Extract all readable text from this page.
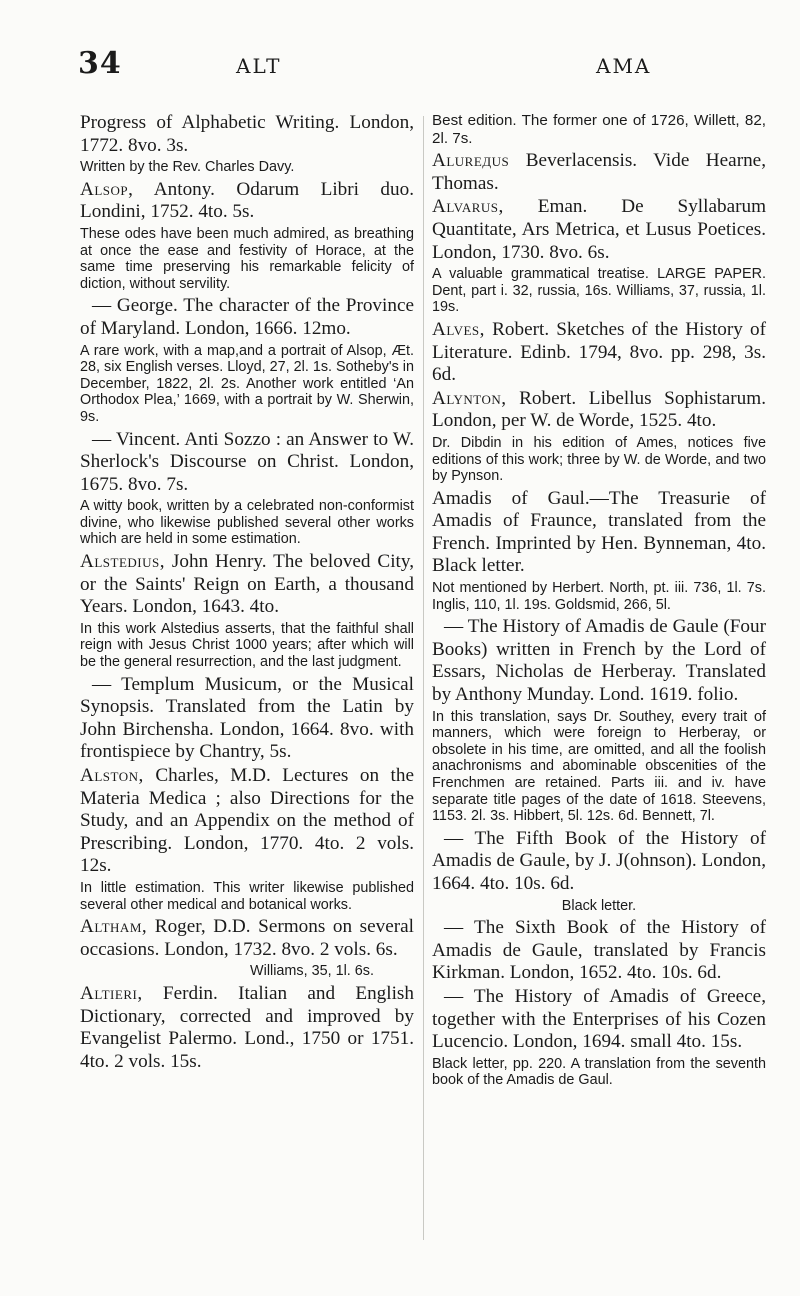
34	ALT	AMA

Progress of Alphabetic Writing. London, 1772. 8vo. 3s.

Written by the Rev. Charles Davy.

Alsop, Antony. Odarum Libri duo. Londini, 1752. 4to. 5s.

These odes have been much admired, as breathing at once the ease and festivity of Horace, at the same time preserving his remarkable felicity of diction, without servility.

— George. The character of the Province of Maryland. London, 1666. 12mo.

A rare work, with a map,and a portrait of Alsop, Æt. 28, six English verses. Lloyd, 27, 2l. 1s. Sotheby's in December, 1822, 2l. 2s. Another work entitled ‘An Orthodox Plea,’ 1669, with a portrait by W. Sherwin, 9s.

— Vincent. Anti Sozzo : an Answer to W. Sherlock's Discourse on Christ. London, 1675. 8vo. 7s.

A witty book, written by a celebrated non-conformist divine, who likewise published several other works which are held in some estimation.

Alstedius, John Henry. The beloved City, or the Saints' Reign on Earth, a thousand Years. London, 1643. 4to.

In this work Alstedius asserts, that the faithful shall reign with Jesus Christ 1000 years; after which will be the general resurrection, and the last judgment.

— Templum Musicum, or the Musical Synopsis. Translated from the Latin by John Birchensha. London, 1664. 8vo. with frontispiece by Chantry, 5s.

Alston, Charles, M.D. Lectures on the Materia Medica ; also Directions for the Study, and an Appendix on the method of Prescribing. London, 1770. 4to. 2 vols. 12s.

In little estimation. This writer likewise published several other medical and botanical works.

Altham, Roger, D.D. Sermons on several occasions. London, 1732. 8vo. 2 vols. 6s.

Williams, 35, 1l. 6s.

Altieri, Ferdin. Italian and English Dictionary, corrected and improved by Evangelist Palermo. Lond., 1750 or 1751. 4to. 2 vols. 15s.

Best edition. The former one of 1726, Willett, 82, 2l. 7s.

Alureдus Beverlacensis. Vide Hearne, Thomas.

Alvarus, Eman. De Syllabarum Quantitate, Ars Metrica, et Lusus Poetices. London, 1730. 8vo. 6s.

A valuable grammatical treatise. LARGE PAPER. Dent, part i. 32, russia, 16s. Williams, 37, russia, 1l. 19s.

Alves, Robert. Sketches of the History of Literature. Edinb. 1794, 8vo. pp. 298, 3s. 6d.

Alynton, Robert. Libellus Sophistarum. London, per W. de Worde, 1525. 4to.

Dr. Dibdin in his edition of Ames, notices five editions of this work; three by W. de Worde, and two by Pynson.

Amadis of Gaul.—The Treasurie of Amadis of Fraunce, translated from the French. Imprinted by Hen. Bynneman, 4to. Black letter.

Not mentioned by Herbert. North, pt. iii. 736, 1l. 7s. Inglis, 110, 1l. 19s. Goldsmid, 266, 5l.

— The History of Amadis de Gaule (Four Books) written in French by the Lord of Essars, Nicholas de Herberay. Translated by Anthony Munday. Lond. 1619. folio.

In this translation, says Dr. Southey, every trait of manners, which were foreign to Herberay, or obsolete in his time, are omitted, and all the foolish anachronisms and abominable obscenities of the Frenchmen are retained. Parts iii. and iv. have separate title pages of the date of 1618. Steevens, 1153. 2l. 3s. Hibbert, 5l. 12s. 6d. Bennett, 7l.

— The Fifth Book of the History of Amadis de Gaule, by J. J(ohnson). London, 1664. 4to. 10s. 6d.

Black letter.

— The Sixth Book of the History of Amadis de Gaule, translated by Francis Kirkman. London, 1652. 4to. 10s. 6d.

— The History of Amadis of Greece, together with the Enterprises of his Cozen Lucencio. London, 1694. small 4to. 15s.

Black letter, pp. 220. A translation from the seventh book of the Amadis de Gaul.
